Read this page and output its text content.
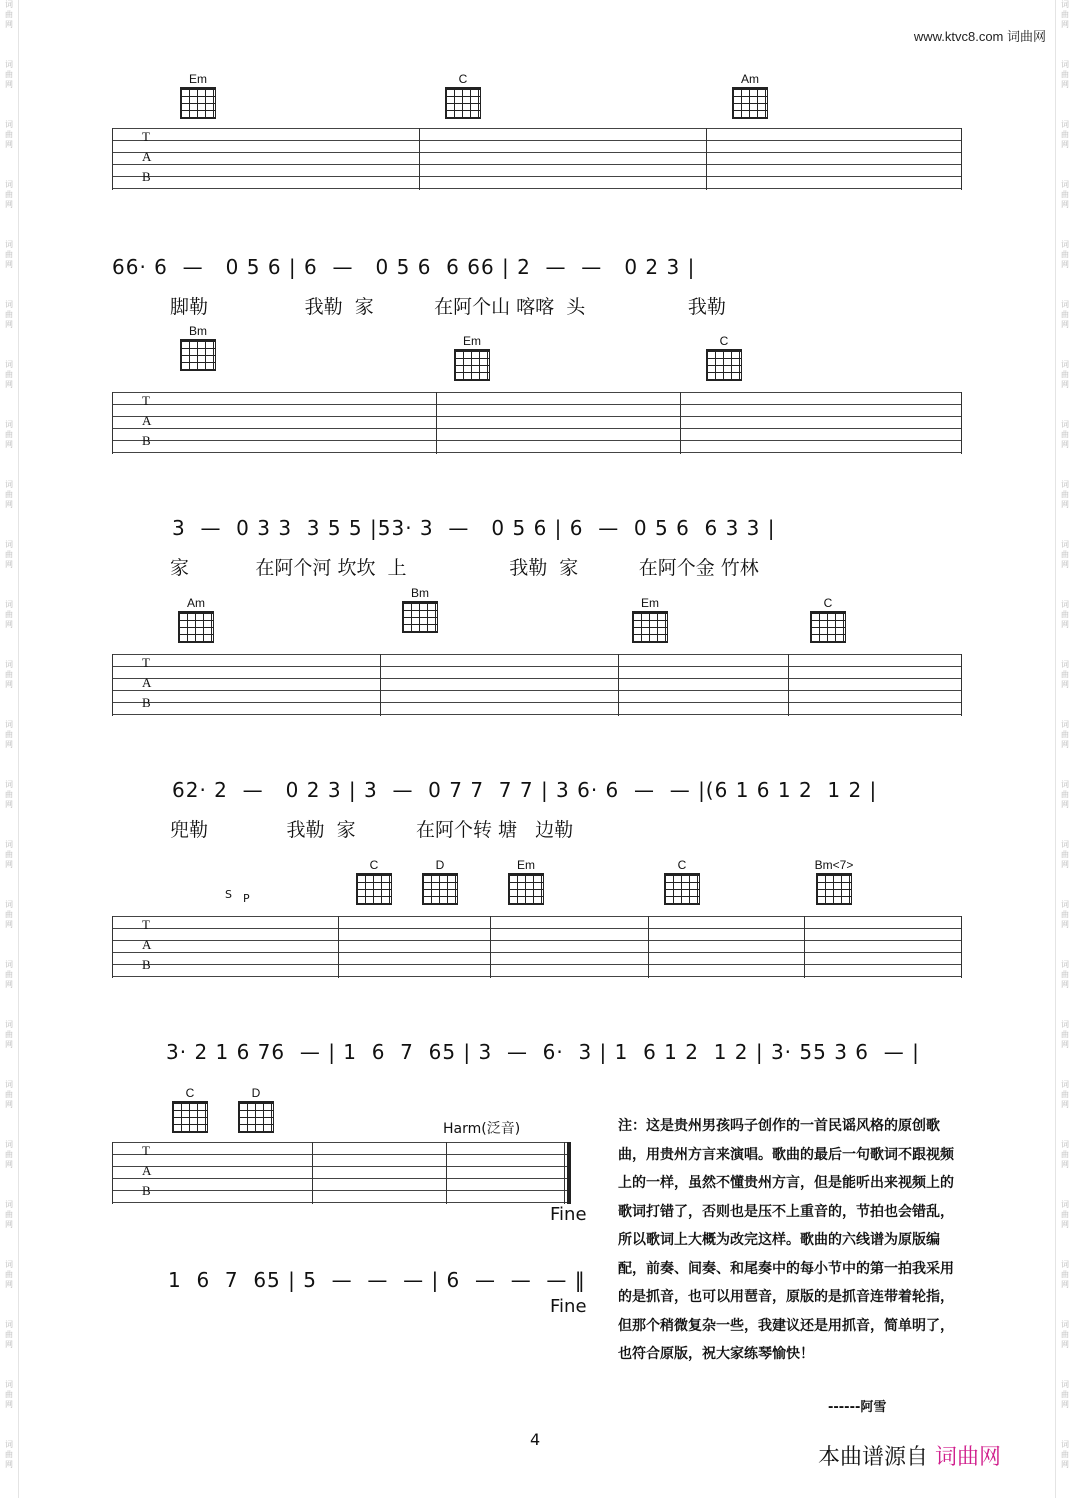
词
曲
网
词
曲
网
词
曲
网
词
曲
网
词
曲
网
词
曲
网
词
曲
网
词
曲
网
词
曲
网
词
曲
网
词
曲
网
词
曲
网
词
曲
网
词
曲
网
词
曲
网
词
曲
网
词
曲
网
词
曲
网
词
曲
网
词
曲
网
词
曲
网
词
曲
网
词
曲
网
词
曲
网
词
曲
网
词
曲
网
词
曲
网
词
曲
网
词
曲
网
词
曲
网
词
曲
网
词
曲
网
词
曲
网
词
曲
网
词
曲
网
词
曲
网
词
曲
网
词
曲
网
词
曲
网
词
曲
网
词
曲
网
词
曲
网
词
曲
网
词
曲
网
词
曲
网
词
曲
网
词
曲
网
词
曲
网
词
曲
网
词
曲
网
www.ktvc8.com 词曲网
Em	C	Am
T
A
B
66· 6  —   0 5 6 | 6  —   0 5 6  6 66 | 2  —  —   0 2 3 |
脚勒                我勒  家          在阿个山 喀喀  头                 我勒
Bm
Em	C
T
A
B
3  —  0 3 3  3 5 5 |53· 3  —   0 5 6 | 6  —  0 5 6  6 3 3 |
家           在阿个河 坎坎  上                 我勒  家          在阿个金 竹林
Am
Bm
Em	C
T
A
B
62· 2  —   0 2 3 | 3  —  0 7 7  7 7 | 3 6· 6  —  — |(6 1 6 1 2  1 2 |
兜勒             我勒  家          在阿个转 塘   边勒
S P
C	D	Em	C	Bm<7>
T
A
B
3· 2 1 6 76  — | 1  6  7  65 | 3  —  6·  3 | 1  6 1 2  1 2 | 3· 55 3 6  — |
C	D
Harm(泛音)
T
A
B
Fine
1  6  7  65 | 5  —  —  — | 6  —  —  — ‖
Fine
注：这是贵州男孩吗子创作的一首民谣风格的原创歌曲，用贵州方言来演唱。歌曲的最后一句歌词不跟视频上的一样，虽然不懂贵州方言，但是能听出来视频上的歌词打错了，否则也是压不上重音的，节拍也会错乱，所以歌词上大概为改完这样。歌曲的六线谱为原版编配，前奏、间奏、和尾奏中的每小节中的第一拍我采用的是抓音，也可以用琶音，原版的是抓音连带着轮指，但那个稍微复杂一些，我建议还是用抓音，简单明了，也符合原版，祝大家练琴愉快！
------阿雪
4
本曲谱源自 词曲网
